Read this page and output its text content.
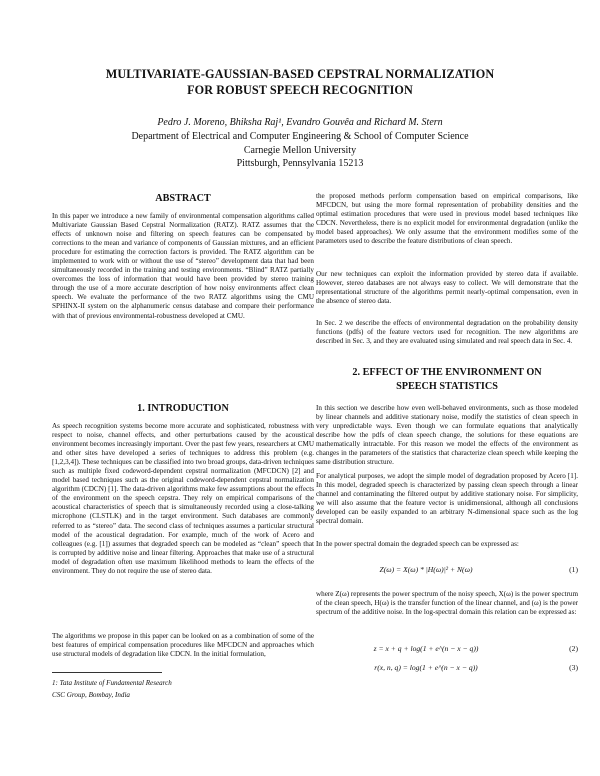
MULTIVARIATE-GAUSSIAN-BASED CEPSTRAL NORMALIZATION
FOR ROBUST SPEECH RECOGNITION
Pedro J. Moreno, Bhiksha Raj¹, Evandro Gouvêa and Richard M. Stern
Department of Electrical and Computer Engineering & School of Computer Science
Carnegie Mellon University
Pittsburgh, Pennsylvania 15213

ABSTRACT

In this paper we introduce a new family of environmental compensation algorithms called Multivariate Gaussian Based Cepstral Normalization (RATZ). RATZ assumes that the effects of unknown noise and filtering on speech features can be compensated by corrections to the mean and variance of components of Gaussian mixtures, and an efficient procedure for estimating the correction factors is provided. The RATZ algorithm can be implemented to work with or without the use of “stereo” development data that had been simultaneously recorded in the training and testing environments. “Blind” RATZ partially overcomes the loss of information that would have been provided by stereo training through the use of a more accurate description of how noisy environments affect clean speech. We evaluate the performance of the two RATZ algorithms using the CMU SPHINX-II system on the alphanumeric census database and compare their performance with that of previous environmental-robustness developed at CMU.

1. INTRODUCTION

As speech recognition systems become more accurate and sophisticated, robustness with respect to noise, channel effects, and other perturbations caused by the acoustical environment becomes increasingly important. Over the past few years, researchers at CMU and other sites have developed a series of techniques to address this problem (e.g. [1,2,3,4]). These techniques can be classified into two broad groups, data-driven techniques such as multiple fixed codeword-dependent cepstral normalization (MFCDCN) [2] and model based techniques such as the original codeword-dependent cepstral normalization algorithm (CDCN) [1]. The data-driven algorithms make few assumptions about the effects of the environment on the speech cepstra. They rely on empirical comparisons of the acoustical characteristics of speech that is simultaneously recorded using a close-talking microphone (CLSTLK) and in the target environment. Such databases are commonly referred to as “stereo” data. The second class of techniques assumes a particular structural model of the acoustical degradation. For example, much of the work of Acero and colleagues (e.g. [1]) assumes that degraded speech can be modeled as “clean” speech that is corrupted by additive noise and linear filtering. Approaches that make use of a structural model of degradation often use maximum likelihood methods to learn the effects of the environment. They do not require the use of stereo data.

The algorithms we propose in this paper can be looked on as a combination of some of the best features of empirical compensation procedures like MFCDCN and approaches which use structural models of degradation like CDCN. In the initial formulation,

1: Tata Institute of Fundamental Research
CSC Group, Bombay, India

the proposed methods perform compensation based on empirical comparisons, like MFCDCN, but using the more formal representation of probability densities and the optimal estimation procedures that were used in previous model based techniques like CDCN. Nevertheless, there is no explicit model for environmental degradation (unlike the model based approaches). We only assume that the environment modifies some of the parameters used to describe the feature distributions of clean speech.

Our new techniques can exploit the information provided by stereo data if available. However, stereo databases are not always easy to collect. We will demonstrate that the representational structure of the algorithms permit nearly-optimal compensation, even in the absence of stereo data.

In Sec. 2 we describe the effects of environmental degradation on the probability density functions (pdfs) of the feature vectors used for recognition. The new algorithms are described in Sec. 3, and they are evaluated using simulated and real speech data in Sec. 4.

2. EFFECT OF THE ENVIRONMENT ON

SPEECH STATISTICS

In this section we describe how even well-behaved environments, such as those modeled by linear channels and additive stationary noise, modify the statistics of clean speech in very unpredictable ways. Even though we can formulate equations that analytically describe how the pdfs of clean speech change, the solutions for these equations are mathematically intractable. For this reason we model the effects of the environment as changes in the parameters of the statistics that characterize clean speech while keeping the same distribution structure.

For analytical purposes, we adopt the simple model of degradation proposed by Acero [1]. In this model, degraded speech is characterized by passing clean speech through a linear channel and contaminating the filtered output by additive stationary noise. For simplicity, we will also assume that the feature vector is unidimensional, although all conclusions developed can be easily expanded to an arbitrary N-dimensional space such as the log spectral domain.

In the power spectral domain the degraded speech can be expressed as:

Z(ω) = X(ω) * |H(ω)|² + N(ω)	(1)

where Z(ω) represents the power spectrum of the noisy speech, X(ω) is the power spectrum of the clean speech, H(ω) is the transfer function of the linear channel, and (ω) is the power spectrum of the additive noise. In the log-spectral domain this relation can be expressed as:

z = x + q + log(1 + e^(n − x − q))	(2)
r(x, n, q) = log(1 + e^(n − x − q))	(3)
